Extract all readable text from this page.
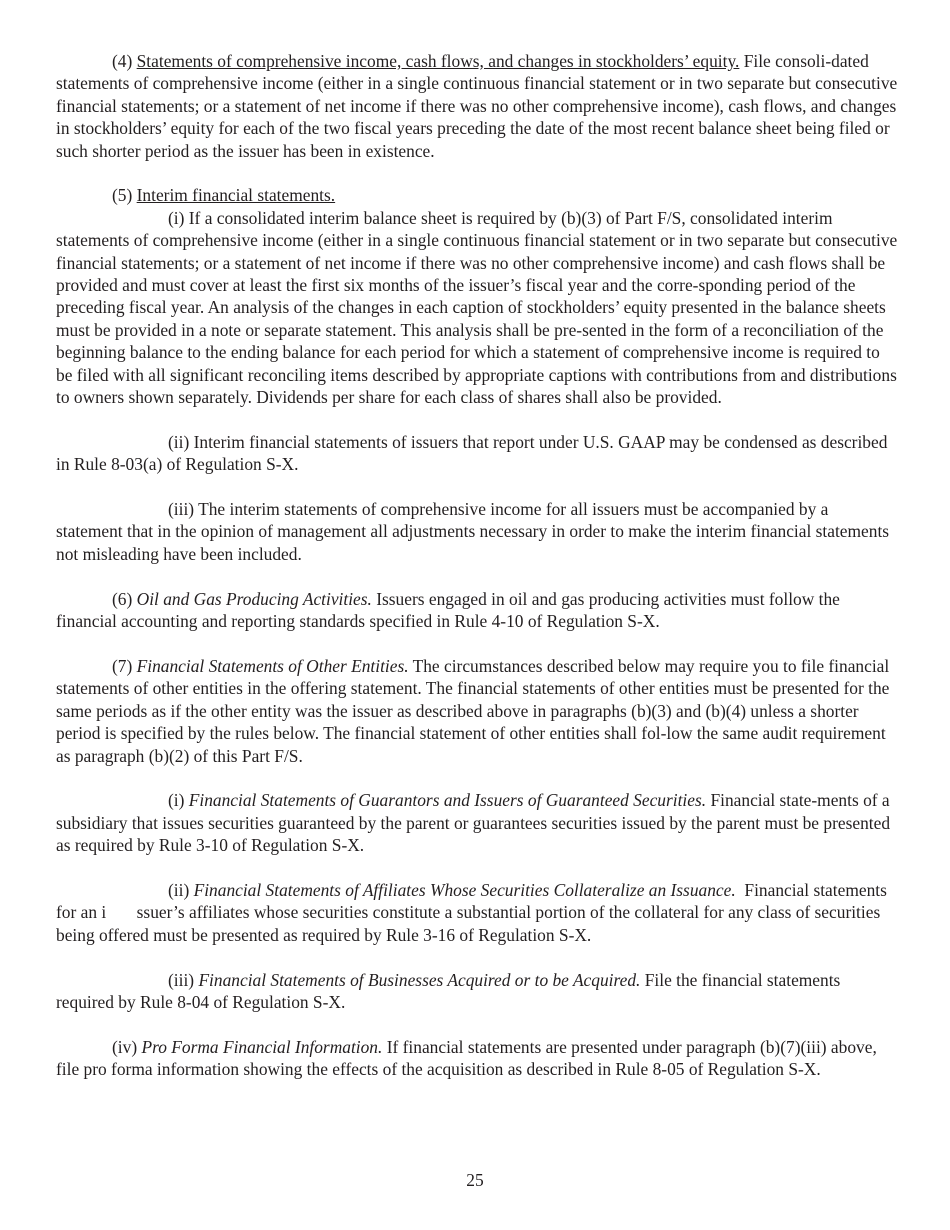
(4) Statements of comprehensive income, cash flows, and changes in stockholders’ equity. File consoli-dated statements of comprehensive income (either in a single continuous financial statement or in two separate but consecutive financial statements; or a statement of net income if there was no other comprehensive income), cash flows, and changes in stockholders’ equity for each of the two fiscal years preceding the date of the most recent balance sheet being filed or such shorter period as the issuer has been in existence.

(5) Interim financial statements.

(i) If a consolidated interim balance sheet is required by (b)(3) of Part F/S, consolidated interim statements of comprehensive income (either in a single continuous financial statement or in two separate but consecutive financial statements; or a statement of net income if there was no other comprehensive income) and cash flows shall be provided and must cover at least the first six months of the issuer’s fiscal year and the corre-sponding period of the preceding fiscal year. An analysis of the changes in each caption of stockholders’ equity presented in the balance sheets must be provided in a note or separate statement. This analysis shall be pre-sented in the form of a reconciliation of the beginning balance to the ending balance for each period for which a statement of comprehensive income is required to be filed with all significant reconciling items described by appropriate captions with contributions from and distributions to owners shown separately. Dividends per share for each class of shares shall also be provided.

(ii) Interim financial statements of issuers that report under U.S. GAAP may be condensed as described in Rule 8-03(a) of Regulation S-X.

(iii) The interim statements of comprehensive income for all issuers must be accompanied by a statement that in the opinion of management all adjustments necessary in order to make the interim financial statements not misleading have been included.

(6) Oil and Gas Producing Activities. Issuers engaged in oil and gas producing activities must follow the financial accounting and reporting standards specified in Rule 4-10 of Regulation S-X.

(7) Financial Statements of Other Entities. The circumstances described below may require you to file financial statements of other entities in the offering statement. The financial statements of other entities must be presented for the same periods as if the other entity was the issuer as described above in paragraphs (b)(3) and (b)(4) unless a shorter period is specified by the rules below. The financial statement of other entities shall fol-low the same audit requirement as paragraph (b)(2) of this Part F/S.

(i) Financial Statements of Guarantors and Issuers of Guaranteed Securities. Financial state-ments of a subsidiary that issues securities guaranteed by the parent or guarantees securities issued by the parent must be presented as required by Rule 3-10 of Regulation S-X.

(ii) Financial Statements of Affiliates Whose Securities Collateralize an Issuance.  Financial statements for an i       ssuer’s affiliates whose securities constitute a substantial portion of the collateral for any class of securities being offered must be presented as required by Rule 3-16 of Regulation S-X.

(iii) Financial Statements of Businesses Acquired or to be Acquired. File the financial statements required by Rule 8-04 of Regulation S-X.

(iv) Pro Forma Financial Information. If financial statements are presented under paragraph (b)(7)(iii) above, file pro forma information showing the effects of the acquisition as described in Rule 8-05 of Regulation S-X.

25
